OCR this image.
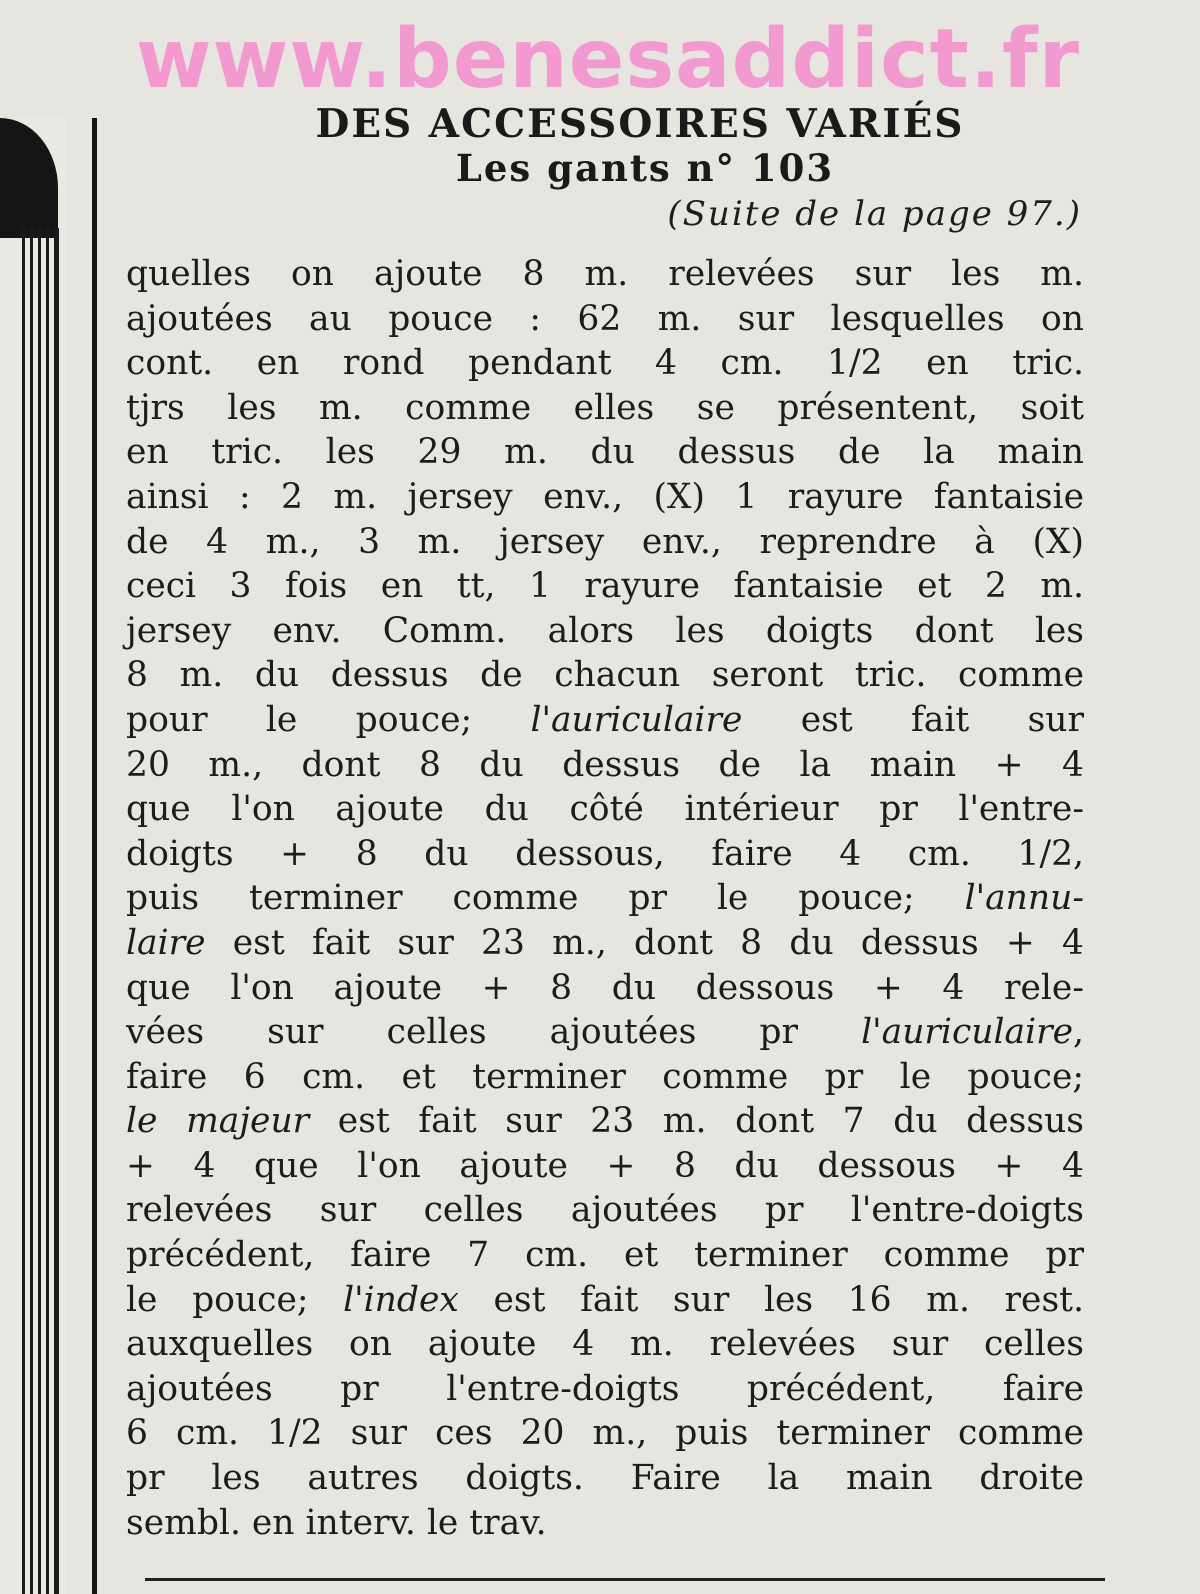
DES ACCESSOIRES VARIÉS
Les gants n° 103
(Suite de la page 97.)
quelles on ajoute 8 m. relevées sur les m.
ajoutées au pouce : 62 m. sur lesquelles on
cont. en rond pendant 4 cm. 1/2 en tric.
tjrs les m. comme elles se présentent, soit
en tric. les 29 m. du dessus de la main
ainsi : 2 m. jersey env., (X) 1 rayure fantaisie
de 4 m., 3 m. jersey env., reprendre à (X)
ceci 3 fois en tt, 1 rayure fantaisie et 2 m.
jersey env. Comm. alors les doigts dont les
8 m. du dessus de chacun seront tric. comme
pour le pouce; l'auriculaire est fait sur
20 m., dont 8 du dessus de la main + 4
que l'on ajoute du côté intérieur pr l'entre-
doigts + 8 du dessous, faire 4 cm. 1/2,
puis terminer comme pr le pouce; l'annu-
laire est fait sur 23 m., dont 8 du dessus + 4
que l'on ajoute + 8 du dessous + 4 rele-
vées sur celles ajoutées pr l'auriculaire,
faire 6 cm. et terminer comme pr le pouce;
le majeur est fait sur 23 m. dont 7 du dessus
+ 4 que l'on ajoute + 8 du dessous + 4
relevées sur celles ajoutées pr l'entre-doigts
précédent, faire 7 cm. et terminer comme pr
le pouce; l'index est fait sur les 16 m. rest.
auxquelles on ajoute 4 m. relevées sur celles
ajoutées pr l'entre-doigts précédent, faire
6 cm. 1/2 sur ces 20 m., puis terminer comme
pr les autres doigts. Faire la main droite
sembl. en interv. le trav.
www.benesaddict.fr
